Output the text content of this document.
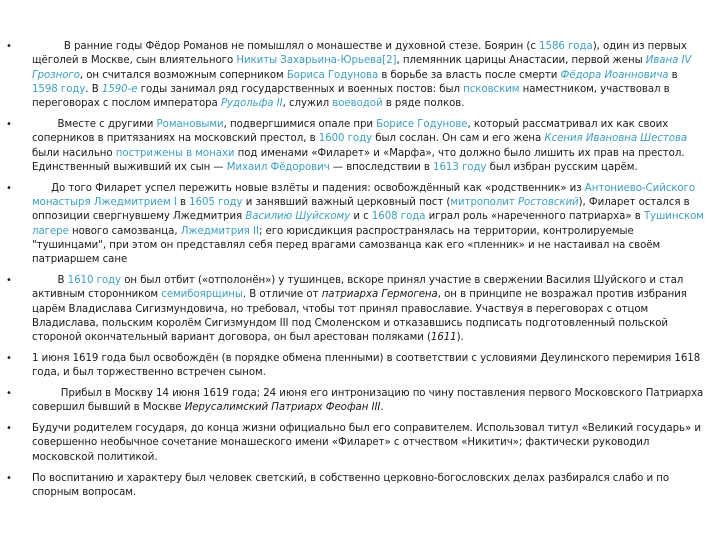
•	В ранние годы Фёдор Романов не помышлял о монашестве и духовной стезе. Боярин (с 1586 года), один из первых щёголей в Москве, сын влиятельного Никиты Захарьина-Юрьева[2], племянник царицы Анастасии, первой жены Ивана IV Грозного, он считался возможным соперником Бориса Годунова в борьбе за власть после смерти Фёдора Иоанновича в 1598 году. В 1590-е годы занимал ряд государственных и военных постов: был псковским наместником, участвовал в переговорах с послом императора Рудольфа II, служил воеводой в ряде полков.
•	Вместе с другими Романовыми, подвергшимися опале при Борисе Годунове, который рассматривал их как своих соперников в притязаниях на московский престол, в 1600 году был сослан. Он сам и его жена Ксения Ивановна Шестова были насильно пострижены в монахи под именами «Филарет» и «Марфа», что должно было лишить их прав на престол. Единственный выживший их сын — Михаил Фёдорович — впоследствии в 1613 году был избран русским царём.
•	До того Филарет успел пережить новые взлёты и падения: освобождённый как «родственник» из Антониево-Сийского монастыря Лжедмитрием I в 1605 году и занявший важный церковный пост (митрополит Ростовский), Филарет остался в оппозиции свергнувшему Лжедмитрия Василию Шуйскому и с 1608 года играл роль «нареченного патриарха» в Тушинском лагере нового самозванца, Лжедмитрия II; его юрисдикция распространялась на территории, контролируемые "тушинцами", при этом он представлял себя перед врагами самозванца как его «пленник» и не настаивал на своём патриаршем сане
•	В 1610 году он был отбит («отполонён») у тушинцев, вскоре принял участие в свержении Василия Шуйского и стал активным сторонником семибоярщины. В отличие от патриарха Гермогена, он в принципе не возражал против избрания царём Владислава Сигизмундовича, но требовал, чтобы тот принял православие. Участвуя в переговорах с отцом Владислава, польским королём Сигизмундом III под Смоленском и отказавшись подписать подготовленный польской стороной окончательный вариант договора, он был арестован поляками (1611).
• 1 июня 1619 года был освобождён (в порядке обмена пленными) в соответствии с условиями Деулинского перемирия 1618 года, и был торжественно встречен сыном.
•	Прибыл в Москву 14 июня 1619 года; 24 июня его интронизацию по чину поставления первого Московского Патриарха совершил бывший в Москве Иерусалимский Патриарх Феофан III.
• Будучи родителем государя, до конца жизни официально был его соправителем. Использовал титул «Великий государь» и совершенно необычное сочетание монашеского имени «Филарет» с отчеством «Никитич»; фактически руководил московской политикой.
• По воспитанию и характеру был человек светский, в собственно церковно-богословских делах разбирался слабо и по спорным вопросам.
